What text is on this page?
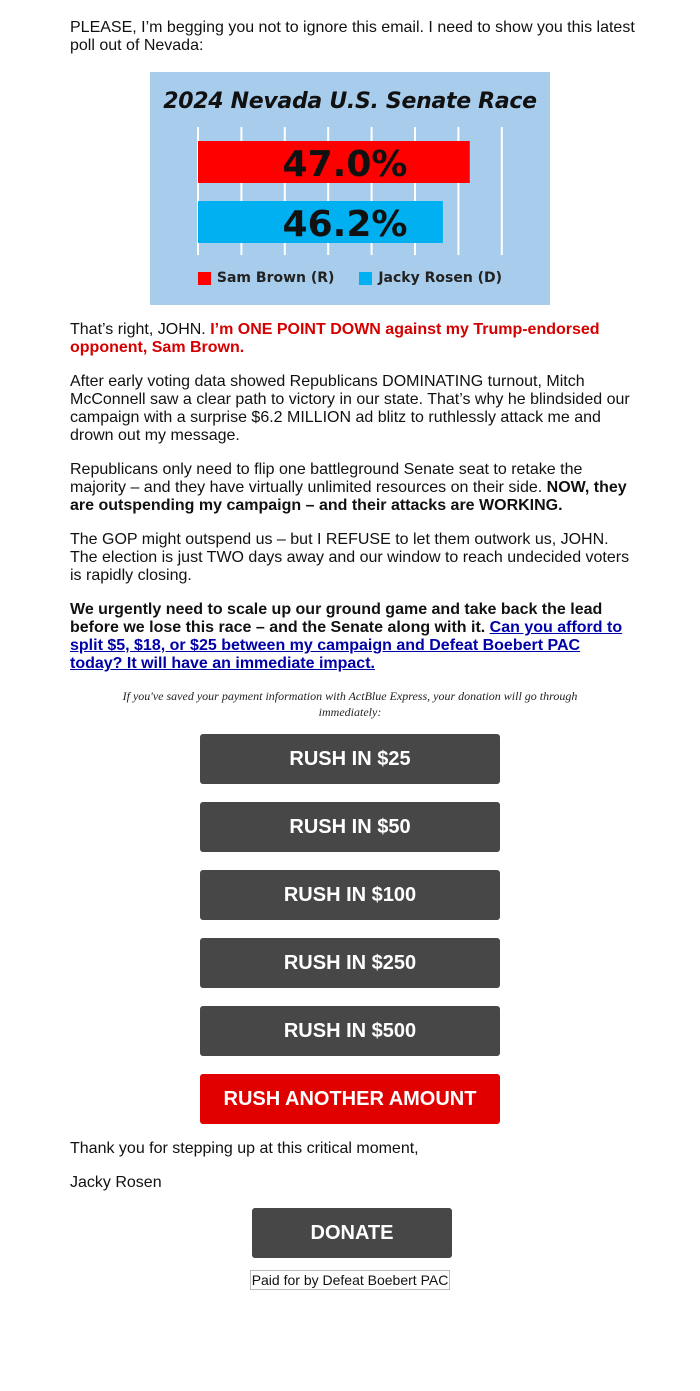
PLEASE, I’m begging you not to ignore this email. I need to show you this latest poll out of Nevada:

2024 Nevada U.S. Senate Race
47.0%
46.2%
Sam Brown (R)
	Jacky Rosen (D)

That’s right, JOHN. I’m ONE POINT DOWN against my Trump-endorsed opponent, Sam Brown.

After early voting data showed Republicans DOMINATING turnout, Mitch McConnell saw a clear path to victory in our state. That’s why he blindsided our campaign with a surprise $6.2 MILLION ad blitz to ruthlessly attack me and drown out my message.

Republicans only need to flip one battleground Senate seat to retake the majority – and they have virtually unlimited resources on their side. NOW, they are outspending my campaign – and their attacks are WORKING.

The GOP might outspend us – but I REFUSE to let them outwork us, JOHN. The election is just TWO days away and our window to reach undecided voters is rapidly closing.

We urgently need to scale up our ground game and take back the lead before we lose this race – and the Senate along with it. Can you afford to split $5, $18, or $25 between my campaign and Defeat Boebert PAC today? It will have an immediate impact.

If you've saved your payment information with ActBlue Express, your donation will go through immediately:
RUSH IN $25
RUSH IN $50
RUSH IN $100
RUSH IN $250
RUSH IN $500
RUSH ANOTHER AMOUNT

Thank you for stepping up at this critical moment,

Jacky Rosen

DONATE
Paid for by Defeat Boebert PAC
